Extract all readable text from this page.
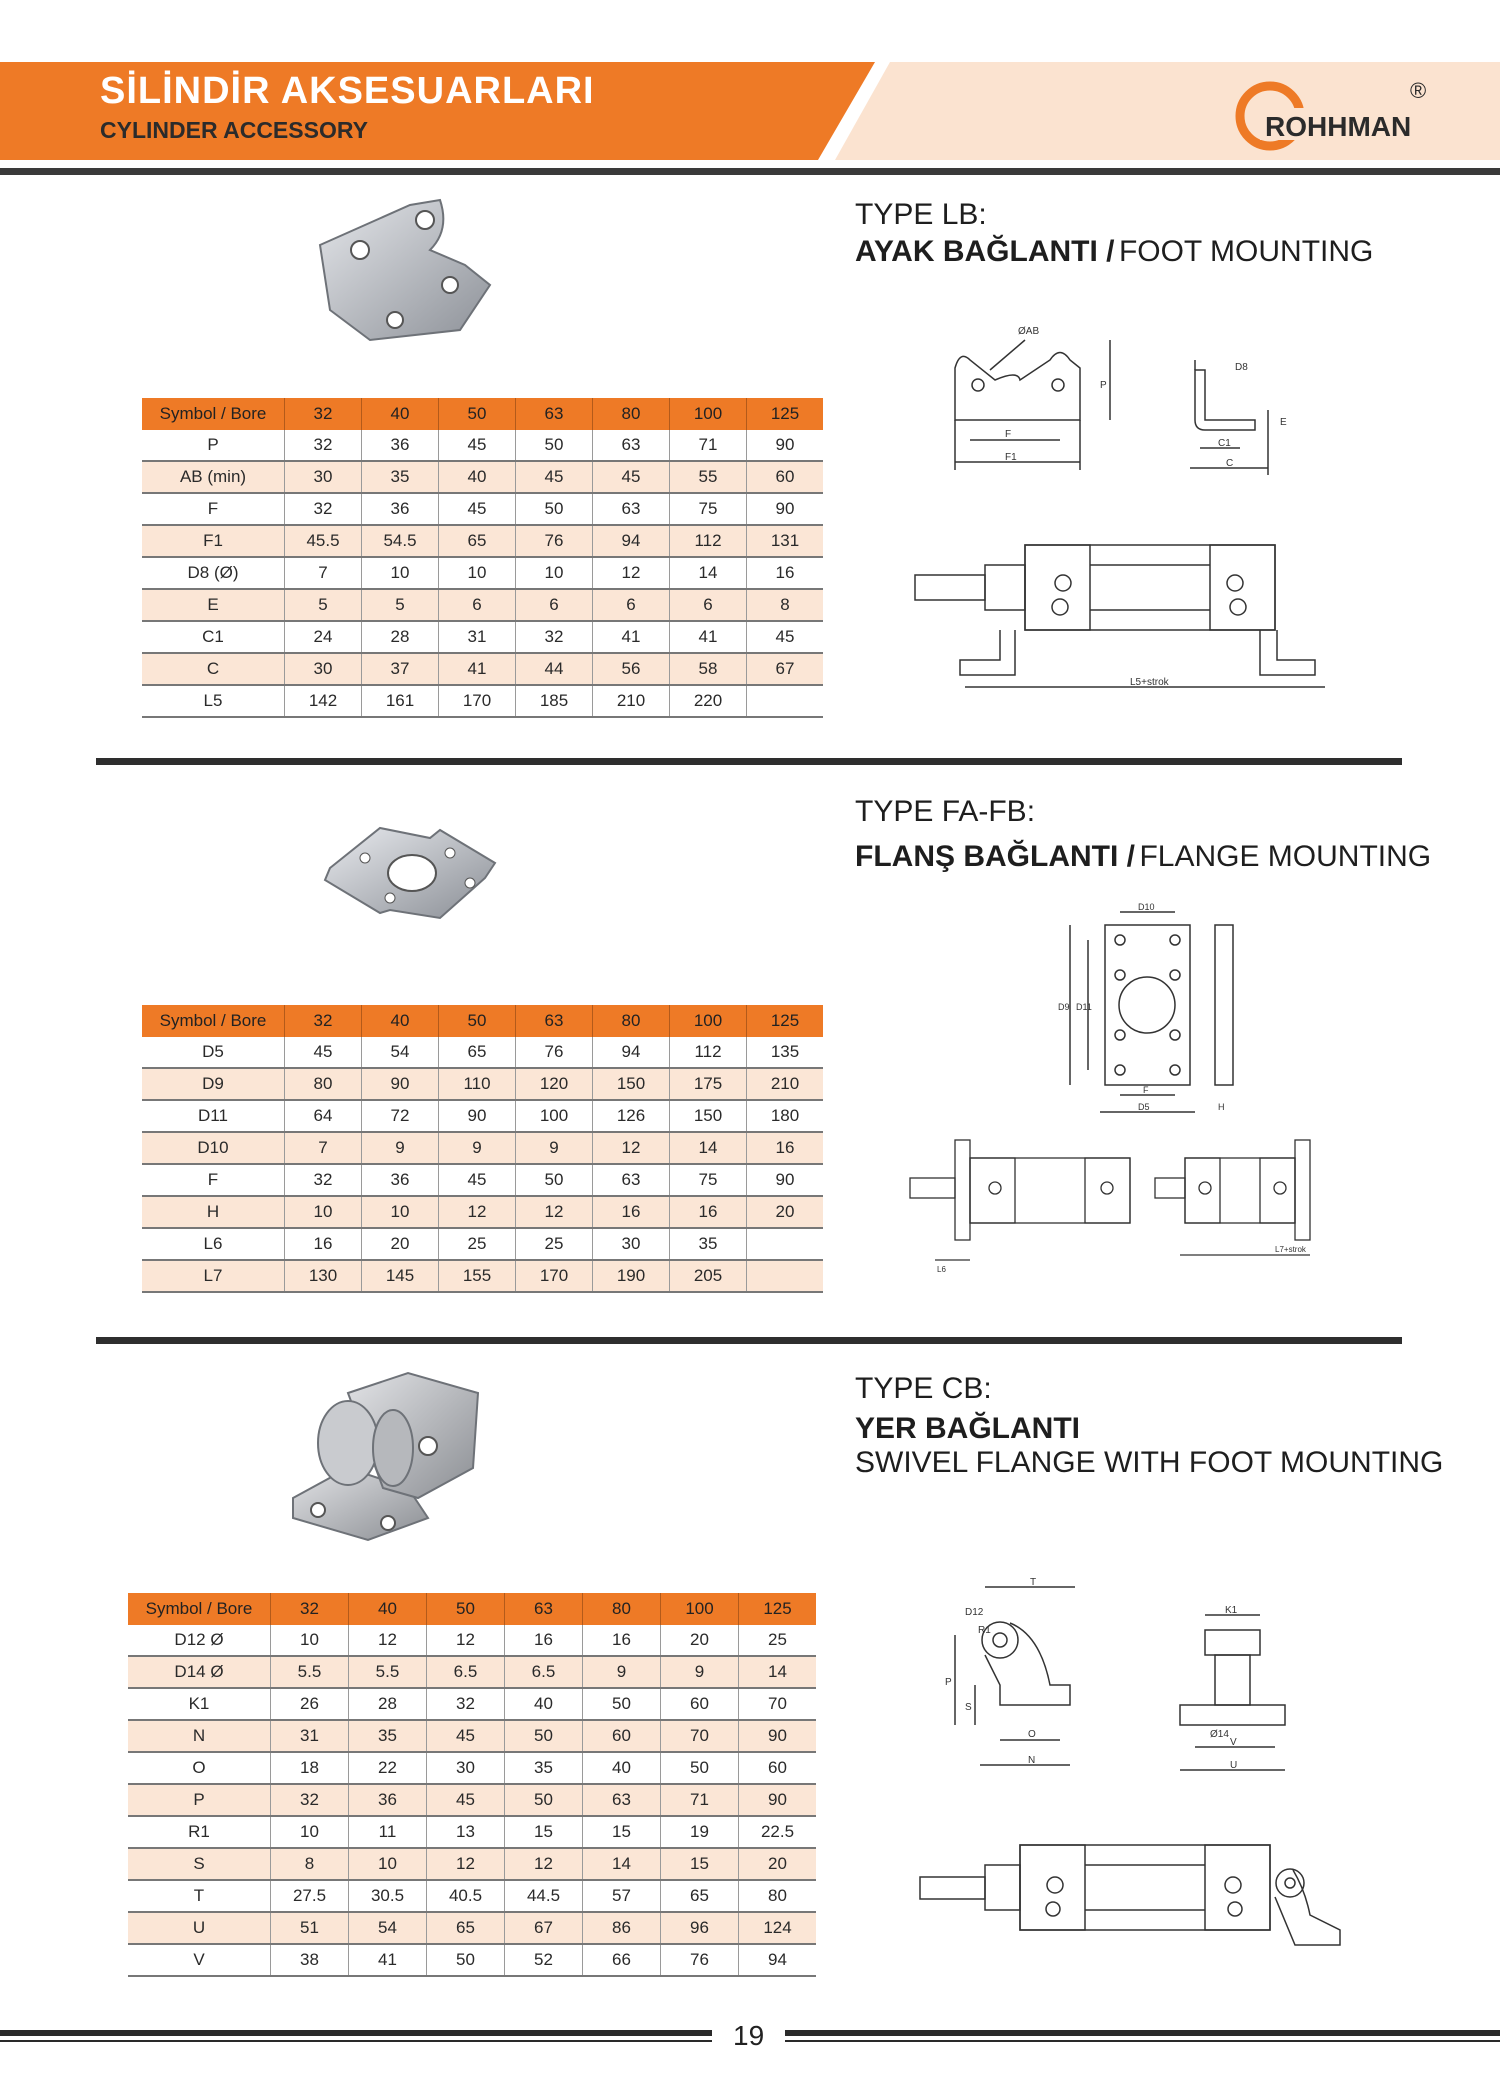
SİLİNDİR AKSESUARLARI
CYLINDER ACCESSORY	ROHHMAN
®
TYPE LB:
AYAK BAĞLANTI / FOOT MOUNTING
ØAB
P
F
F1
D8
C1
C
E
L5+strok
Symbol / Bore	32	40	50	63	80	100	125
P	32	36	45	50	63	71	90
AB (min)	30	35	40	45	45	55	60
F	32	36	45	50	63	75	90
F1	45.5	54.5	65	76	94	112	131
D8 (Ø)	7	10	10	10	12	14	16
E	5	5	6	6	6	6	8
C1	24	28	31	32	41	41	45
C	30	37	41	44	56	58	67
L5	142	161	170	185	210	220	
TYPE FA-FB:
FLANŞ BAĞLANTI / FLANGE MOUNTING
D10
D9 D11
F
D5	H
L6
L7+strok
Symbol / Bore	32	40	50	63	80	100	125
D5	45	54	65	76	94	112	135
D9	80	90	110	120	150	175	210
D11	64	72	90	100	126	150	180
D10	7	9	9	9	12	14	16
F	32	36	45	50	63	75	90
H	10	10	12	12	16	16	20
L6	16	20	25	25	30	35	
L7	130	145	155	170	190	205	
TYPE CB:
YER BAĞLANTI
SWIVEL FLANGE WITH FOOT MOUNTING
D12
T
R1
P
S
O
N
K1
Ø14
V
U
Symbol / Bore	32	40	50	63	80	100	125
D12 Ø	10	12	12	16	16	20	25
D14 Ø	5.5	5.5	6.5	6.5	9	9	14
K1	26	28	32	40	50	60	70
N	31	35	45	50	60	70	90
O	18	22	30	35	40	50	60
P	32	36	45	50	63	71	90
R1	10	11	13	15	15	19	22.5
S	8	10	12	12	14	15	20
T	27.5	30.5	40.5	44.5	57	65	80
U	51	54	65	67	86	96	124
V	38	41	50	52	66	76	94
19
